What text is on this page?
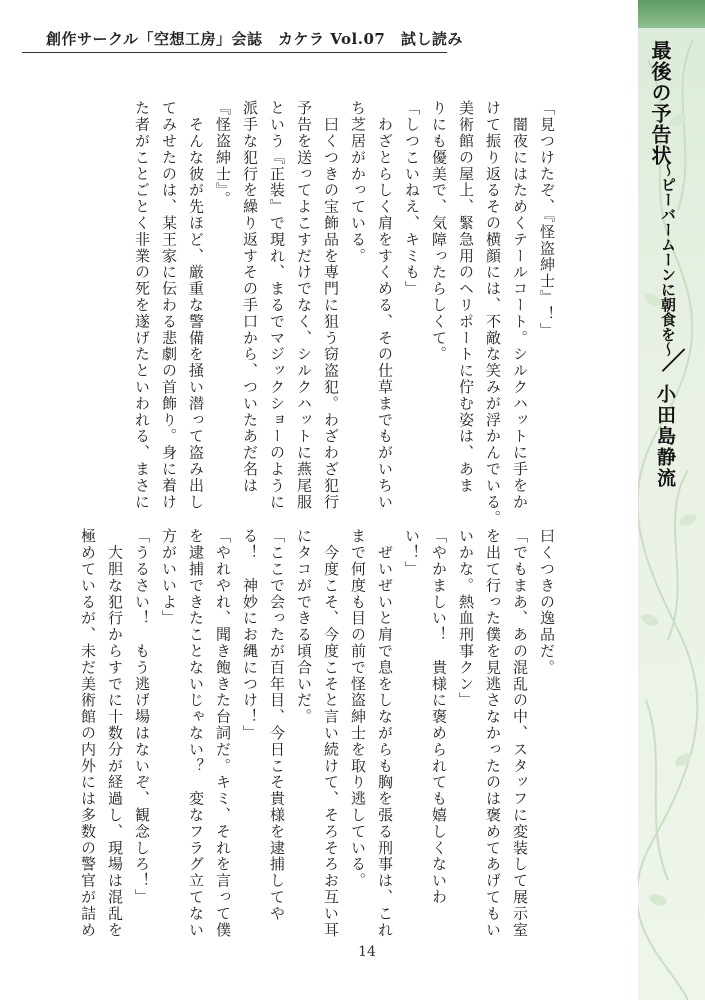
創作サークル「空想工房」会誌　カケラ Vol.07　試し読み

「見つけたぞ、『怪盗紳士』！」

　闇夜にはためくテールコート。シルクハットに手をか

けて振り返るその横顔には、不敵な笑みが浮かんでいる。

美術館の屋上、緊急用のヘリポートに佇む姿は、あま

りにも優美で、気障ったらしくて。

「しつこいねえ、キミも」

　わざとらしく肩をすくめる、その仕草までもがいちい

ち芝居がかっている。

　曰くつきの宝飾品を専門に狙う窃盗犯。わざわざ犯行

予告を送ってよこすだけでなく、シルクハットに燕尾服

という『正装』で現れ、まるでマジックショーのように

派手な犯行を繰り返すその手口から、ついたあだ名は

『怪盗紳士』。

　そんな彼が先ほど、厳重な警備を掻い潜って盗み出し

てみせたのは、某王家に伝わる悲劇の首飾り。身に着け

た者がことごとく非業の死を遂げたといわれる、まさに

曰くつきの逸品だ。

「でもまあ、あの混乱の中、スタッフに変装して展示室

を出て行った僕を見逃さなかったのは褒めてあげてもい

いかな。熱血刑事クン」

「やかましい！　貴様に褒められても嬉しくないわ

い！」

　ぜいぜいと肩で息をしながらも胸を張る刑事は、これ

まで何度も目の前で怪盗紳士を取り逃している。

　今度こそ、今度こそと言い続けて、そろそろお互い耳

にタコができる頃合いだ。

「ここで会ったが百年目、今日こそ貴様を逮捕してや

る！　神妙にお縄につけ！」

「やれやれ、聞き飽きた台詞だ。キミ、それを言って僕

を逮捕できたことないじゃない？　変なフラグ立てない

方がいいよ」

「うるさい！　もう逃げ場はないぞ、観念しろ！」

　大胆な犯行からすでに十数分が経過し、現場は混乱を

極めているが、未だ美術館の内外には多数の警官が詰め

14
最後の予告状
～ピーバームーンに朝食を～
／
小田島静流
